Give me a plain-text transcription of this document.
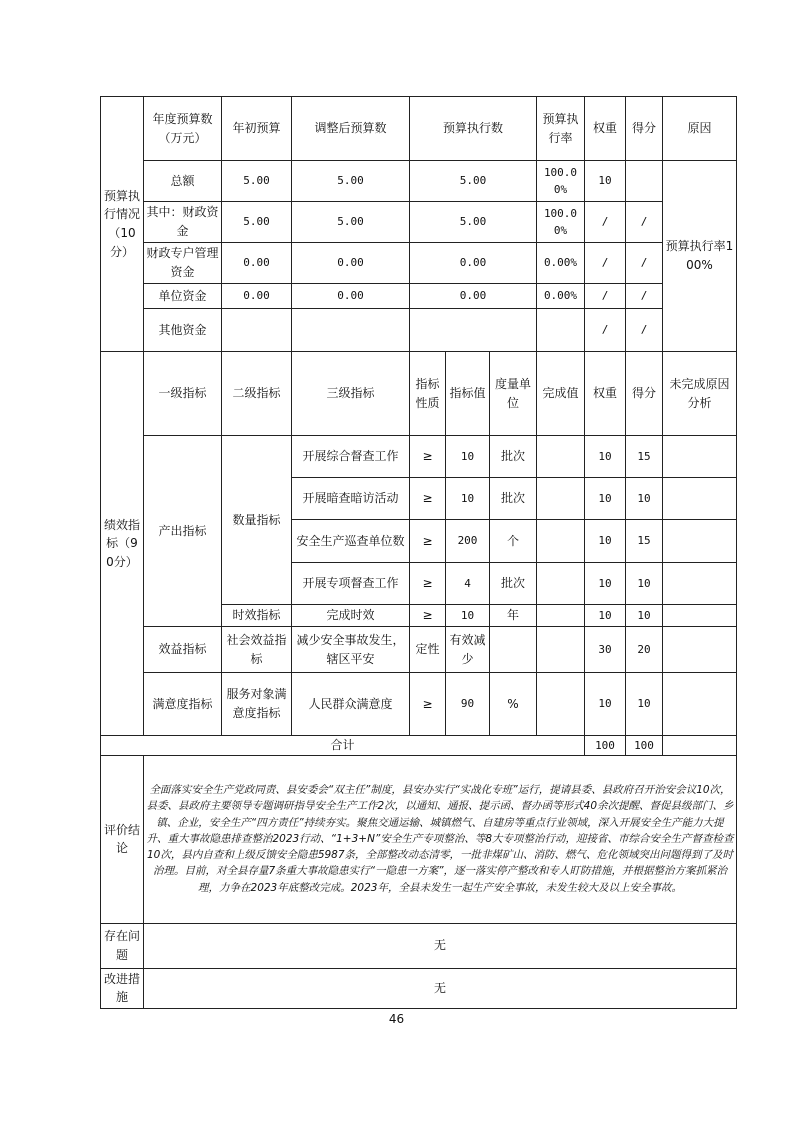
预算执行情况（10分）	年度预算数（万元）	年初预算	调整后预算数	预算执行数			预算执行率	权重	得分	原因
	总额	5.00	5.00	5.00			100.00%	10		预算执行率100%
	其中：财政资金	5.00	5.00	5.00			100.00%	/	/	
	财政专户管理资金	0.00	0.00	0.00			0.00%	/	/	
	单位资金	0.00	0.00	0.00			0.00%	/	/	
	其他资金							/	/	
绩效指标（90分）	一级指标	二级指标	三级指标	指标性质	指标值	度量单位	完成值	权重	得分	未完成原因分析
	产出指标	数量指标	开展综合督查工作	≥	10	批次		10	15	
			开展暗查暗访活动	≥	10	批次		10	10	
			安全生产巡查单位数	≥	200	个		10	15	
			开展专项督查工作	≥	4	批次		10	10	
		时效指标	完成时效	≥	10	年		10	10	
	效益指标	社会效益指标	减少安全事故发生，辖区平安	定性	有效减少			30	20	
	满意度指标	服务对象满意度指标	人民群众满意度	≥	90	%		10	10	
合计								100	100	
评价结论	全面落实安全生产党政同责、县安委会“双主任”制度，县安办实行“实战化专班”运行，提请县委、县政府召开治安会议10次，县委、县政府主要领导专题调研指导安全生产工作2次，以通知、通报、提示函、督办函等形式40余次提醒、督促县级部门、乡镇、企业，安全生产“四方责任”持续夯实。聚焦交通运输、城镇燃气、自建房等重点行业领域，深入开展安全生产能力大提升、重大事故隐患排查整治2023行动、“1+3+N”安全生产专项整治、等8大专项整治行动，迎接省、市综合安全生产督查检查10次，县内自查和上级反馈安全隐患5987条，全部整改动态清零，一批非煤矿山、消防、燃气、危化领域突出问题得到了及时治理。目前，对全县存量7条重大事故隐患实行“一隐患一方案”，逐一落实停产整改和专人盯防措施，并根据整治方案抓紧治理，力争在2023年底整改完成。2023年，全县未发生一起生产安全事故，未发生较大及以上安全事故。									
存在问题	无									
改进措施	无									
46
